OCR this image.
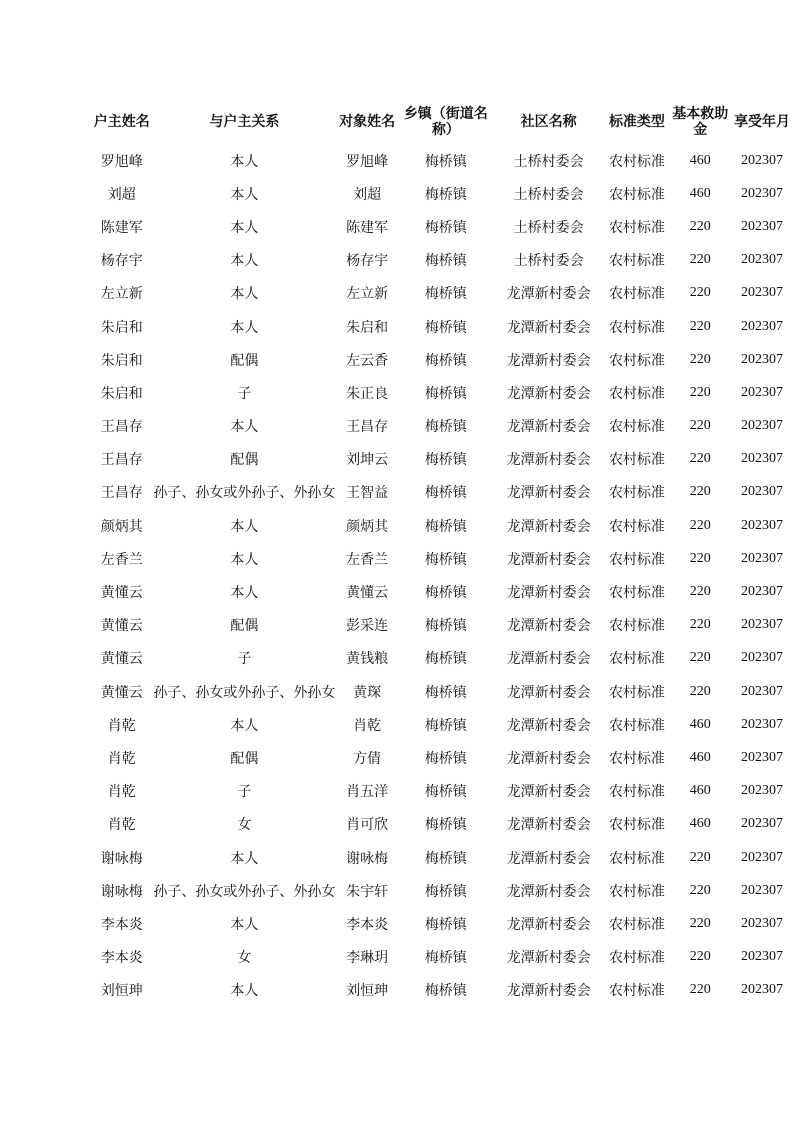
户主姓名	与户主关系	对象姓名	乡镇（街道名称）	社区名称	标准类型	基本救助金	享受年月
罗旭峰	本人	罗旭峰	梅桥镇	土桥村委会	农村标准	460	202307
刘超	本人	刘超	梅桥镇	土桥村委会	农村标准	460	202307
陈建军	本人	陈建军	梅桥镇	土桥村委会	农村标准	220	202307
杨存宇	本人	杨存宇	梅桥镇	土桥村委会	农村标准	220	202307
左立新	本人	左立新	梅桥镇	龙潭新村委会	农村标准	220	202307
朱启和	本人	朱启和	梅桥镇	龙潭新村委会	农村标准	220	202307
朱启和	配偶	左云香	梅桥镇	龙潭新村委会	农村标准	220	202307
朱启和	子	朱正良	梅桥镇	龙潭新村委会	农村标准	220	202307
王昌存	本人	王昌存	梅桥镇	龙潭新村委会	农村标准	220	202307
王昌存	配偶	刘坤云	梅桥镇	龙潭新村委会	农村标准	220	202307
王昌存	孙子、孙女或外孙子、外孙女	王智益	梅桥镇	龙潭新村委会	农村标准	220	202307
颜炳其	本人	颜炳其	梅桥镇	龙潭新村委会	农村标准	220	202307
左香兰	本人	左香兰	梅桥镇	龙潭新村委会	农村标准	220	202307
黄懂云	本人	黄懂云	梅桥镇	龙潭新村委会	农村标准	220	202307
黄懂云	配偶	彭采连	梅桥镇	龙潭新村委会	农村标准	220	202307
黄懂云	子	黄钱粮	梅桥镇	龙潭新村委会	农村标准	220	202307
黄懂云	孙子、孙女或外孙子、外孙女	黄琛	梅桥镇	龙潭新村委会	农村标准	220	202307
肖乾	本人	肖乾	梅桥镇	龙潭新村委会	农村标准	460	202307
肖乾	配偶	方倩	梅桥镇	龙潭新村委会	农村标准	460	202307
肖乾	子	肖五洋	梅桥镇	龙潭新村委会	农村标准	460	202307
肖乾	女	肖可欣	梅桥镇	龙潭新村委会	农村标准	460	202307
谢咏梅	本人	谢咏梅	梅桥镇	龙潭新村委会	农村标准	220	202307
谢咏梅	孙子、孙女或外孙子、外孙女	朱宇轩	梅桥镇	龙潭新村委会	农村标准	220	202307
李本炎	本人	李本炎	梅桥镇	龙潭新村委会	农村标准	220	202307
李本炎	女	李琳玥	梅桥镇	龙潭新村委会	农村标准	220	202307
刘恒珅	本人	刘恒珅	梅桥镇	龙潭新村委会	农村标准	220	202307
